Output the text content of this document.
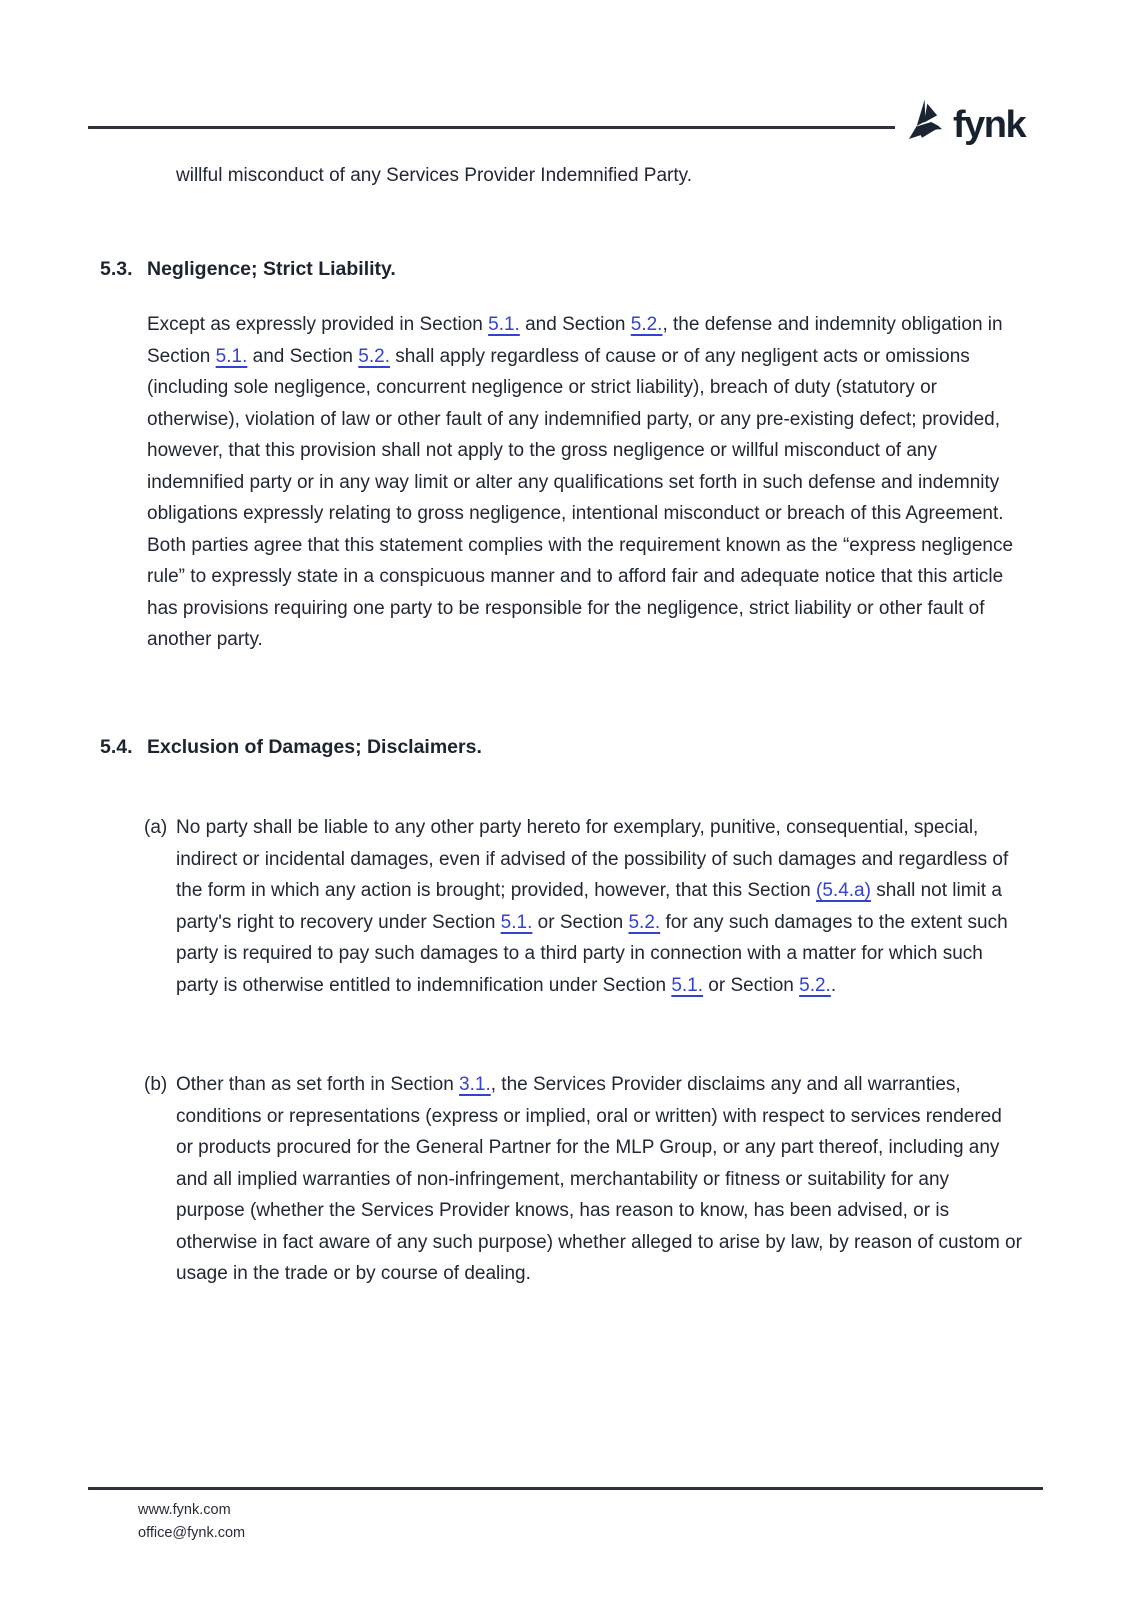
fynk

willful misconduct of any Services Provider Indemnified Party.

5.3. Negligence; Strict Liability.

Except as expressly provided in Section 5.1. and Section 5.2., the defense and indemnity obligation in Section 5.1. and Section 5.2. shall apply regardless of cause or of any negligent acts or omissions (including sole negligence, concurrent negligence or strict liability), breach of duty (statutory or otherwise), violation of law or other fault of any indemnified party, or any pre-existing defect; provided, however, that this provision shall not apply to the gross negligence or willful misconduct of any indemnified party or in any way limit or alter any qualifications set forth in such defense and indemnity obligations expressly relating to gross negligence, intentional misconduct or breach of this Agreement. Both parties agree that this statement complies with the requirement known as the “express negligence rule” to expressly state in a conspicuous manner and to afford fair and adequate notice that this article has provisions requiring one party to be responsible for the negligence, strict liability or other fault of another party.

5.4. Exclusion of Damages; Disclaimers.
(a) No party shall be liable to any other party hereto for exemplary, punitive, consequential, special, indirect or incidental damages, even if advised of the possibility of such damages and regardless of the form in which any action is brought; provided, however, that this Section (5.4.a) shall not limit a party's right to recovery under Section 5.1. or Section 5.2. for any such damages to the extent such party is required to pay such damages to a third party in connection with a matter for which such party is otherwise entitled to indemnification under Section 5.1. or Section 5.2..

(b) Other than as set forth in Section 3.1., the Services Provider disclaims any and all warranties, conditions or representations (express or implied, oral or written) with respect to services rendered or products procured for the General Partner for the MLP Group, or any part thereof, including any and all implied warranties of non-infringement, merchantability or fitness or suitability for any purpose (whether the Services Provider knows, has reason to know, has been advised, or is otherwise in fact aware of any such purpose) whether alleged to arise by law, by reason of custom or usage in the trade or by course of dealing.

www.fynk.com
office@fynk.com
